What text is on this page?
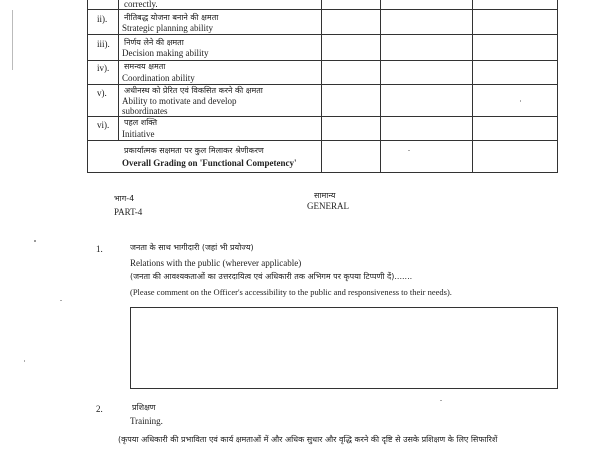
correctly.
ii). नीतिबद्ध योजना बनाने की क्षमता
Strategic planning ability
iii). निर्णय लेने की क्षमता
Decision making ability
iv). समन्वय क्षमता
Coordination ability
v). अधीनस्थ को प्रेरित एवं विकसित करने की क्षमता
Ability to motivate and develop
subordinates
vi). पहल शक्ति
Initiative
प्रकार्यात्मक सक्षमता पर कुल मिलाकर श्रेणीकरण
Overall Grading on 'Functional Competency'
भाग-4
PART-4
सामान्य
GENERAL
1.	जनता के साथ भागीदारी (जहां भी प्रयोज्य)
Relations with the public (wherever applicable)
(जनता की आवश्यकताओं का उत्तरदायित्व एवं अधिकारी तक अभिगम पर कृपया टिप्पणी दें).......
(Please comment on the Officer's accessibility to the public and responsiveness to their needs).
2.	प्रशिक्षण
Training.
(कृपया अधिकारी की प्रभाविता एवं कार्य क्षमताओं में और अधिक सुधार और वृद्धि करने की दृष्टि से उसके प्रशिक्षण के लिए सिफारिशें
